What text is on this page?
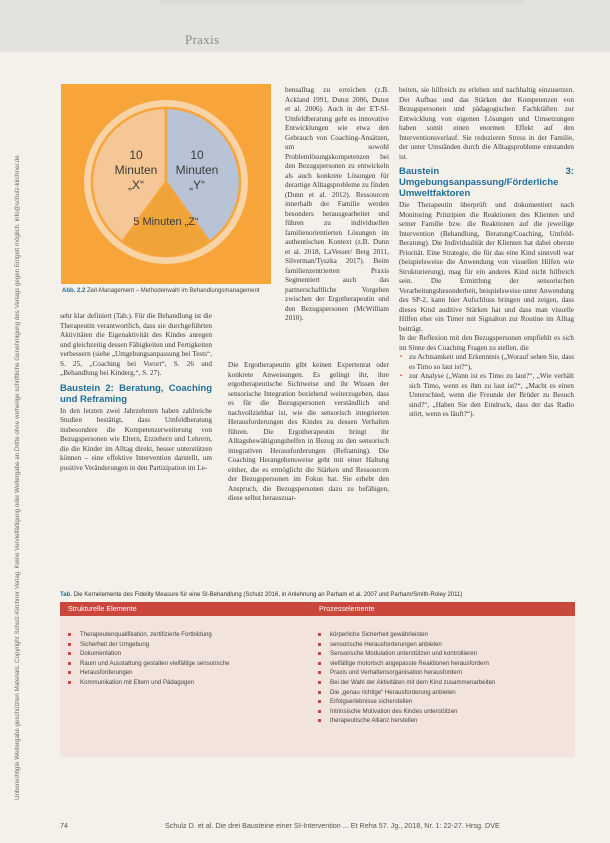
Praxis
Unberechtigte Weitergabe geschützten Materials. Copyright Schulz-Kirchner Verlag. Keine Vervielfältigung oder Weitergabe an Dritte ohne vorherige schriftliche Genehmigung des Verlags gegen Entgelt möglich. info@schulz-kirchner.de
10
Minuten
„X“
10
Minuten
„Y“
5 Minuten „Z“
Abb. 2.2 Zeit-Management – Methodenwahl im Behandlungsmanagement

sehr klar definiert (Tab.). Für die Behandlung ist die Therapeutin verantwortlich, dass sie durchgeführten Aktivitäten die Eigenaktivität des Kindes anregen und gleichzeitig dessen Fähigkeiten und Fertigkeiten verbessern (siehe „Umgebungsanpassung bei Tests“, S. 25, „Coaching bei Vorort“, S. 26 und „Behandlung bei Kinderg.“, S. 27).

Baustein 2: Beratung, Coaching und Reframing

In den letzten zwei Jahrzehnten haben zahlreiche Studien bestätigt, dass Umfeldberatung insbesondere die Kompetenzerweiterung von Bezugspersonen wie Eltern, Erziehern und Lehrern, die die Kinder im Alltag direkt, besser unterstützen können – eine effektive Intervention darstellt, um positive Veränderungen in den Partizipation im Le-

bensalltag zu erreichen (z.B. Ackland 1991, Dunst 2006, Dunst et al. 2006). Auch in der ET-SI-Umfeldberatung geht es innovative Entwicklungen wie etwa den Gebrauch von Coaching-Ansätzen, um sowohl Problemlösungskompetenzen bei den Bezugspersonen zu entwickeln als auch konkrete Lösungen für derartige Alltagsprobleme zu finden (Dunn et al. 2012). Ressourcen innerhalb der Familie werden besonders herausgearbeitet und führen zu individuellen familienorientierten Lösungen im authentischen Kontext (z.B. Dunn et al. 2018, LaVesser/ Berg 2011, Silverman/Tyszka 2017). Beim familienzentrierten Praxis Segmentiert auch das partnerschaftliche Vorgehen zwischen der Ergotherapeutin und den Bezugspersonen (McWilliam 2010).

Die Ergotherapeutin gibt keinen Expertenrat oder konkrete Anweisungen. Es gelingt ihr, ihre ergotherapeutische Sichtweise und ihr Wissen der sensorische Integration beziehend weiterzugeben, dass es für die Bezugspersonen verständlich und nachvollziehbar ist, wie die sensorisch integrierten Herausforderungen des Kindes zu dessen Verhalten führen. Die Ergotherapeutin bringt ihr Alltagsbewältigungshelfen in Bezug zu den sensorisch integrativen Herausforderungen (Reframing). Die Coaching Herangehensweise geht mit einer Haltung einher, die es ermöglicht die Stärken und Ressourcen der Bezugspersonen im Fokus hat. Sie erhebt den Anspruch, die Bezugspersonen dazu zu befähigen, diese selbst herauszuar-

beiten, sie hilfreich zu erleben und nachhaltig einzusetzen. Der Aufbau und das Stärken der Kompetenzen von Bezugspersonen und pädagogischen Fachkräften zur Entwicklung von eigenen Lösungen und Umsetzungen haben somit einen enormen Effekt auf den Interventionsverlauf. Sie reduzieren Stress in der Familie, der unter Umständen durch die Alltagsprobleme entstanden ist.

Baustein 3: Umgebungsanpassung/Förderliche Umweltfaktoren

Die Therapeutin überprüft und dokumentiert nach Monitoring Prinzipien die Reaktionen des Klienten und seiner Familie bzw. die Reaktionen auf die jeweilige Intervention (Behandlung, Beratung/Coaching, Umfeld-Beratung). Die Individualität der Klienten hat dabei oberste Priorität. Eine Strategie, die für das eine Kind sinnvoll war (beispielsweise die Anwendung von visuellen Hilfen wie Strukturierung), mag für ein anderes Kind nicht hilfreich sein. Die Ermittlung der sensorischen Verarbeitungsbesonderheit, beispielsweise unter Anwendung des SP-2, kann hier Aufschluss bringen und zeigen, dass dieses Kind auditive Stärken hat und dass man visuelle Hilfen eher ein Timer mit Signalton zur Routine im Alltag beiträgt.

In der Reflexion mit den Bezugspersonen empfiehlt es sich im Sinne des Coaching Fragen zu stellen, die

▪ zu Achtsamkeit und Erkenntnis („Worauf sehen Sie, dass es Timo so laut ist?“),
▪ zur Analyse („Wann ist es Timo zu laut?“, „Wie verhält sich Timo, wenn es ihm zu laut ist?“, „Macht es einen Unterschied, wenn die Freunde der Brüder zu Besuch sind?“, „Haben Sie den Eindruck, dass der das Radio stört, wenn es läuft?“).
Tab. Die Kernelemente des Fidelity Measure für eine SI-Behandlung (Schulz 2016, in Anlehnung an Parham et al. 2007 und Parham/Smith-Roley 2011)
Strukturelle Elemente	Prozesselemente
Therapeutenqualifikation, zertifizierte Fortbildung
Sicherheit der Umgebung
Dokumentation
Raum und Ausstattung gestalten vielfältige sensorische
Herausforderungen
Kommunikation mit Eltern und Pädagogen
körperliche Sicherheit gewährleisten
sensorische Herausforderungen anbieten
Sensorische Modulation unterstützen und kontrollieren
vielfältige motorisch angepasste Reaktionen herausfordern
Praxis und Verhaltensorganisation herausfordern
Bei der Wahl der Aktivitäten mit dem Kind zusammenarbeiten
Die „genau richtige“ Herausforderung anbieten
Erfolgserlebnisse sicherstellen
Intrinsische Motivation des Kindes unterstützen
therapeutische Allianz herstellen
74	Schulz D. et al. Die drei Bausteine einer SI-Intervention ... Et Reha 57. Jg., 2018, Nr. 1: 22-27. Hrsg. DVE
